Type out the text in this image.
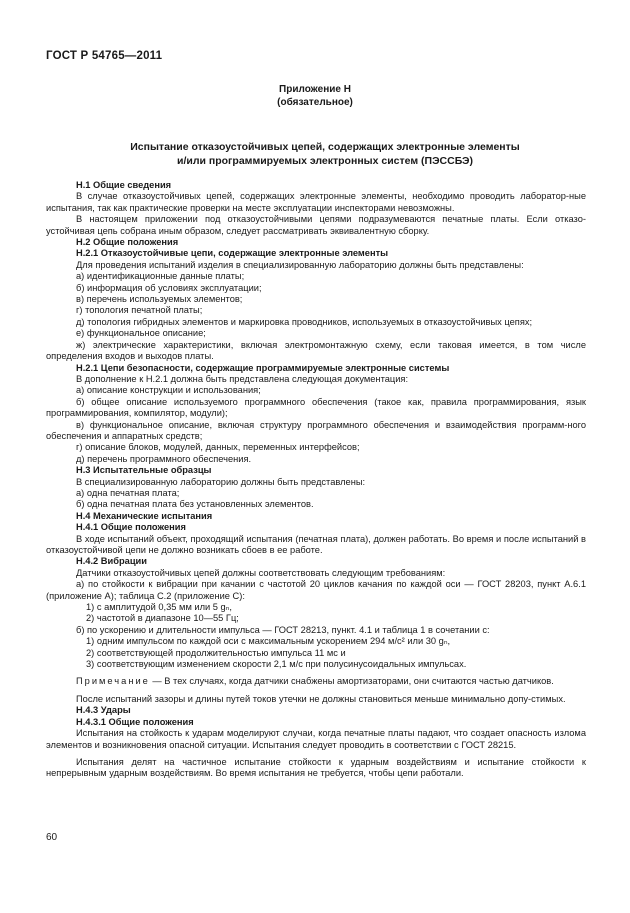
ГОСТ Р 54765—2011
Приложение Н
(обязательное)
Испытание отказоустойчивых цепей, содержащих электронные элементы
и/или программируемых электронных систем (ПЭССБЭ)

Н.1 Общие сведения

В случае отказоустойчивых цепей, содержащих электронные элементы, необходимо проводить лаборатор-ные испытания, так как практические проверки на месте эксплуатации инспекторами невозможны.

В настоящем приложении под отказоустойчивыми цепями подразумеваются печатные платы. Если отказо-устойчивая цепь собрана иным образом, следует рассматривать эквивалентную сборку.

Н.2 Общие положения

Н.2.1 Отказоустойчивые цепи, содержащие электронные элементы

Для проведения испытаний изделия в специализированную лабораторию должны быть представлены:

а) идентификационные данные платы;

б) информация об условиях эксплуатации;

в) перечень используемых элементов;

г) топология печатной платы;

д) топология гибридных элементов и маркировка проводников, используемых в отказоустойчивых цепях;

е) функциональное описание;

ж) электрические характеристики, включая электромонтажную схему, если таковая имеется, в том числе определения входов и выходов платы.

Н.2.1 Цепи безопасности, содержащие программируемые электронные системы

В дополнение к Н.2.1 должна быть представлена следующая документация:

а) описание конструкции и использования;

б) общее описание используемого программного обеспечения (такое как, правила программирования, язык программирования, компилятор, модули);

в) функциональное описание, включая структуру программного обеспечения и взаимодействия программ-ного обеспечения и аппаратных средств;

г) описание блоков, модулей, данных, переменных интерфейсов;

д) перечень программного обеспечения.

Н.3 Испытательные образцы

В специализированную лабораторию должны быть представлены:

а) одна печатная плата;

б) одна печатная плата без установленных элементов.

Н.4 Механические испытания

Н.4.1 Общие положения

В ходе испытаний объект, проходящий испытания (печатная плата), должен работать. Во время и после испытаний в отказоустойчивой цепи не должно возникать сбоев в ее работе.

Н.4.2 Вибрации

Датчики отказоустойчивых цепей должны соответствовать следующим требованиям:

а) по стойкости к вибрации при качании с частотой 20 циклов качания по каждой оси — ГОСТ 28203, пункт А.6.1 (приложение А); таблица С.2 (приложение С):

1) с амплитудой 0,35 мм или 5 gₙ,

2) частотой в диапазоне 10—55 Гц;

б) по ускорению и длительности импульса — ГОСТ 28213, пункт. 4.1 и таблица 1 в сочетании с:

1) одним импульсом по каждой оси с максимальным ускорением 294 м/с² или 30 gₙ,

2) соответствующей продолжительностью импульса 11 мс и

3) соответствующим изменением скорости 2,1 м/с при полусинусоидальных импульсах.

Примечание — В тех случаях, когда датчики снабжены амортизаторами, они считаются частью датчиков.

После испытаний зазоры и длины путей токов утечки не должны становиться меньше минимально допу-стимых.

Н.4.3 Удары

Н.4.3.1 Общие положения

Испытания на стойкость к ударам моделируют случаи, когда печатные платы падают, что создает опасность излома элементов и возникновения опасной ситуации. Испытания следует проводить в соответствии с ГОСТ 28215.

Испытания делят на частичное испытание стойкости к ударным воздействиям и испытание стойкости к непрерывным ударным воздействиям. Во время испытания не требуется, чтобы цепи работали.

60
